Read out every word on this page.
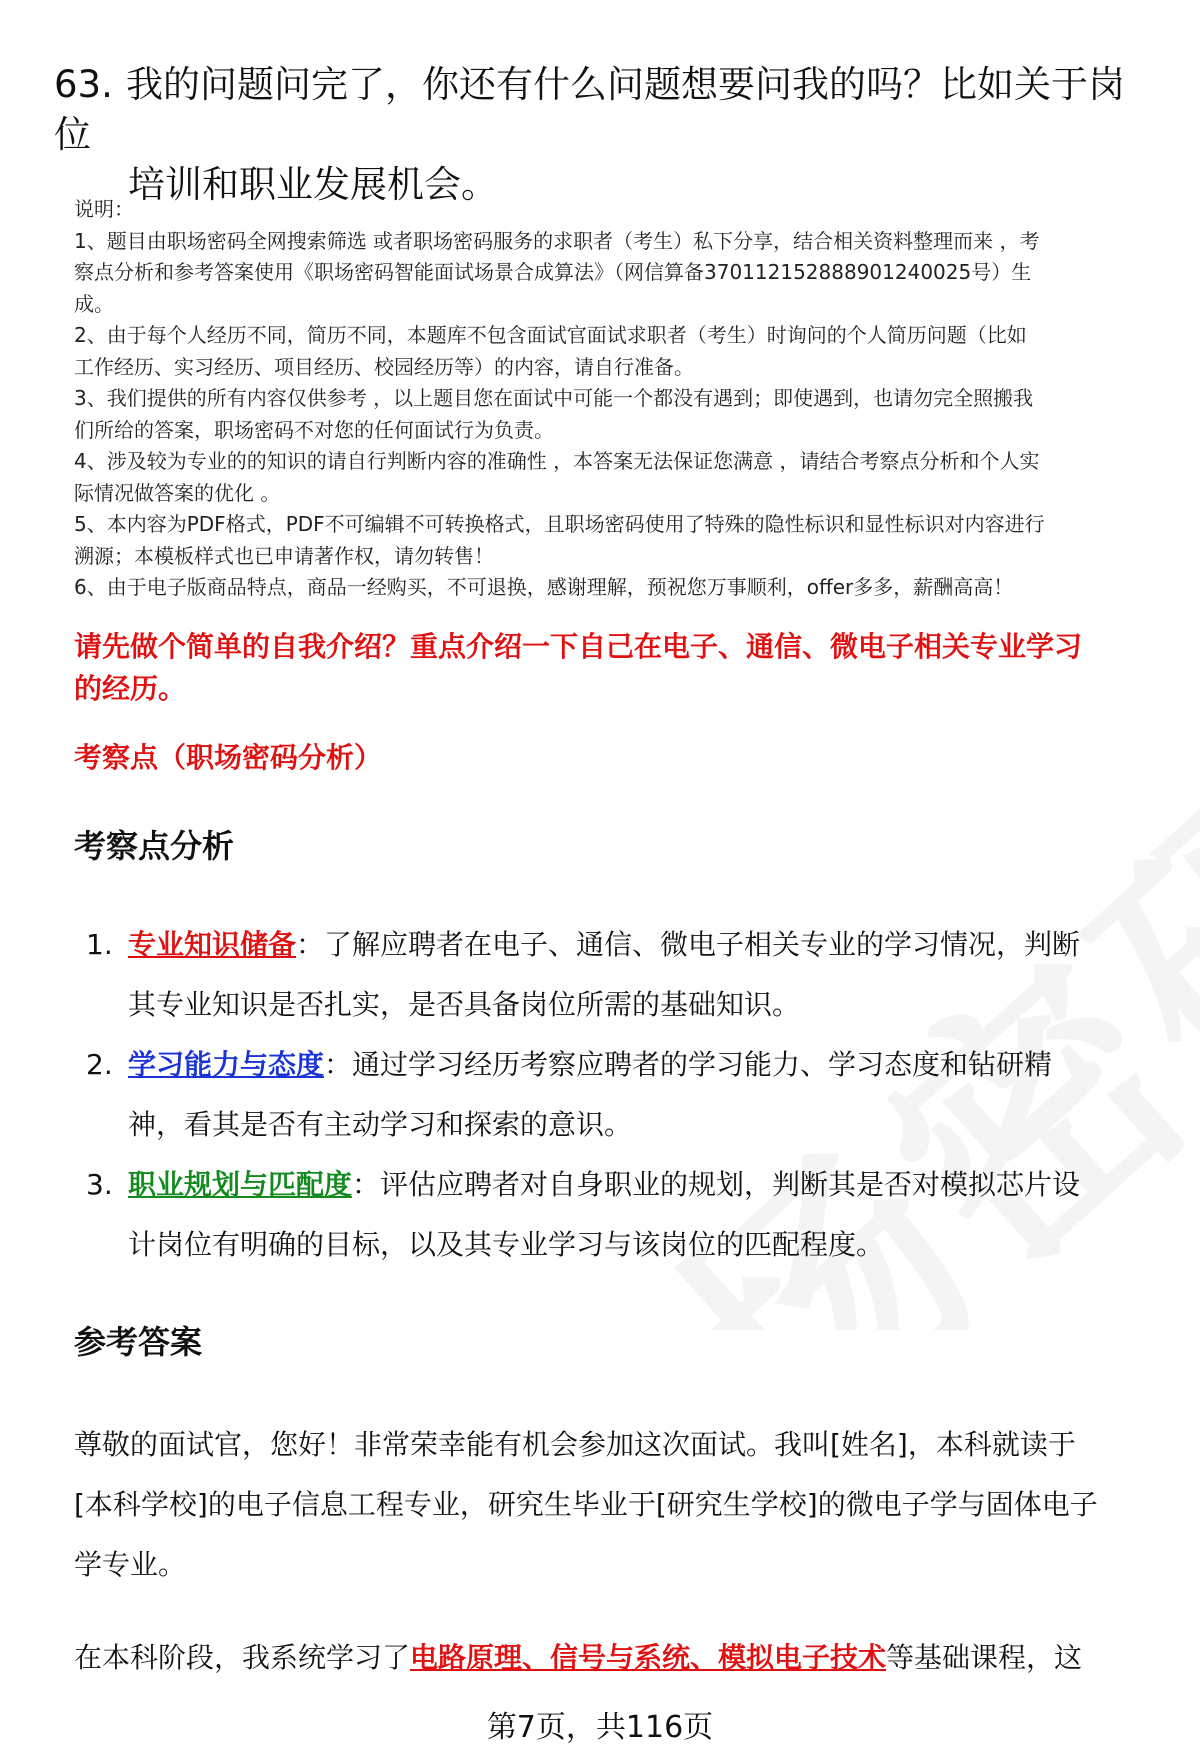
63. 我的问题问完了，你还有什么问题想要问我的吗？比如关于岗位
培训和职业发展机会。

说明：

1、题目由职场密码全网搜索筛选 或者职场密码服务的求职者（考生）私下分享，结合相关资料整理而来 ，考

察点分析和参考答案使用《职场密码智能面试场景合成算法》（网信算备370112152888901240025号）生

成。

2、由于每个人经历不同，简历不同，本题库不包含面试官面试求职者（考生）时询问的个人简历问题（比如

工作经历、实习经历、项目经历、校园经历等）的内容，请自行准备。

3、我们提供的所有内容仅供参考 ，以上题目您在面试中可能一个都没有遇到；即使遇到，也请勿完全照搬我

们所给的答案，职场密码不对您的任何面试行为负责。

4、涉及较为专业的的知识的请自行判断内容的准确性 ，本答案无法保证您满意 ，请结合考察点分析和个人实

际情况做答案的优化 。

5、本内容为PDF格式，PDF不可编辑不可转换格式，且职场密码使用了特殊的隐性标识和显性标识对内容进行

溯源；本模板样式也已申请著作权，请勿转售！

6、由于电子版商品特点，商品一经购买，不可退换，感谢理解，预祝您万事顺利，offer多多，薪酬高高！

请先做个简单的自我介绍？重点介绍一下自己在电子、通信、微电子相关专业学习
的经历。
考察点（职场密码分析）
考察点分析
1. 专业知识储备：了解应聘者在电子、通信、微电子相关专业的学习情况，判断
其专业知识是否扎实，是否具备岗位所需的基础知识。
2. 学习能力与态度：通过学习经历考察应聘者的学习能力、学习态度和钻研精
神，看其是否有主动学习和探索的意识。
3. 职业规划与匹配度：评估应聘者对自身职业的规划，判断其是否对模拟芯片设
计岗位有明确的目标，以及其专业学习与该岗位的匹配程度。
参考答案

尊敬的面试官，您好！非常荣幸能有机会参加这次面试。我叫[姓名]，本科就读于
[本科学校]的电子信息工程专业，研究生毕业于[研究生学校]的微电子学与固体电子
学专业。

在本科阶段，我系统学习了电路原理、信号与系统、模拟电子技术等基础课程，这

第7页，共116页
